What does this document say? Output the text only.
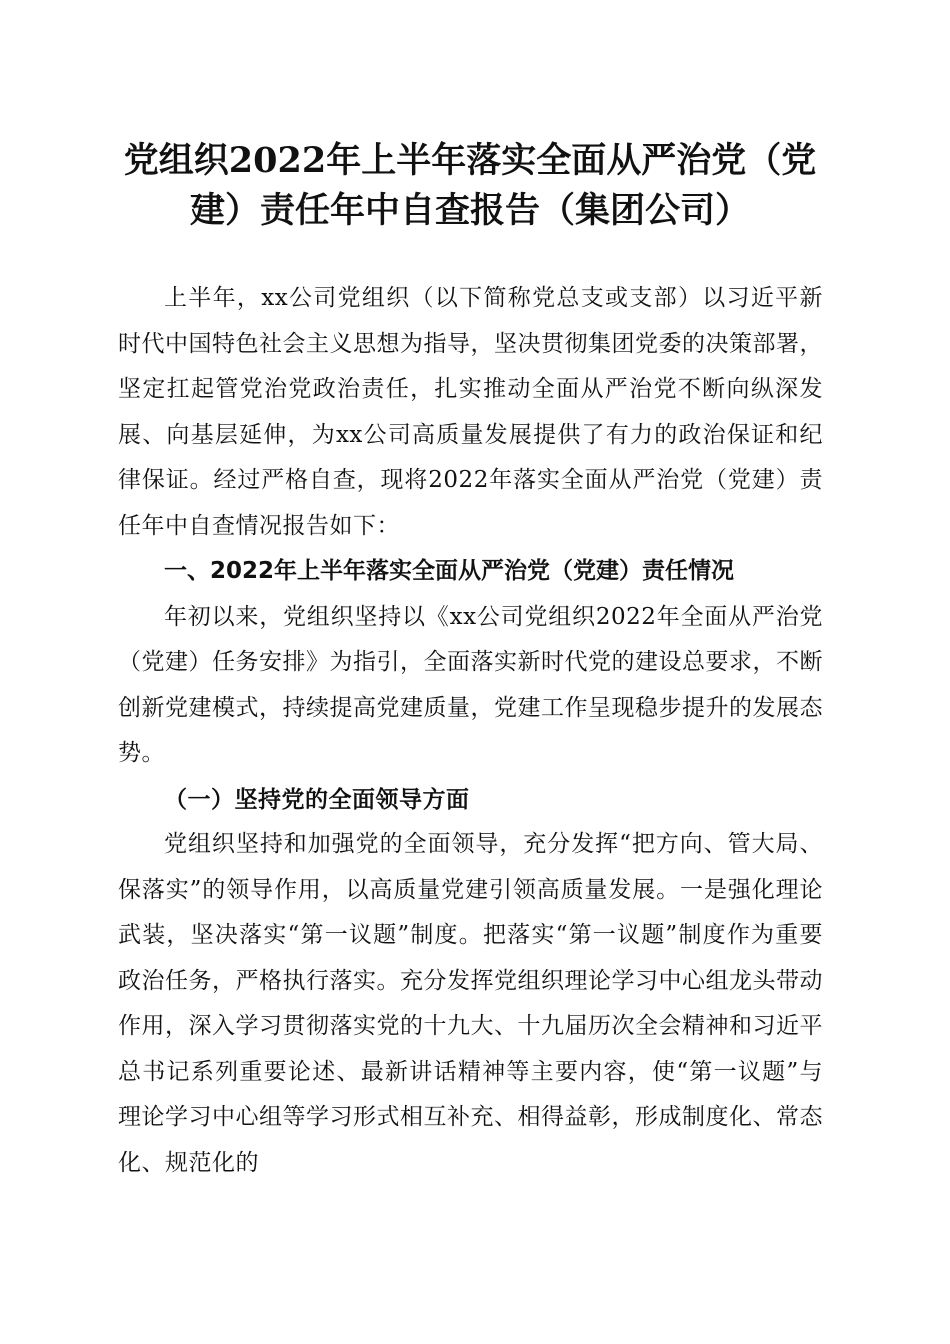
党组织2022年上半年落实全面从严治党（党建）责任年中自查报告（集团公司）

上半年，xx公司党组织（以下简称党总支或支部）以习近平新时代中国特色社会主义思想为指导，坚决贯彻集团党委的决策部署，坚定扛起管党治党政治责任，扎实推动全面从严治党不断向纵深发展、向基层延伸，为xx公司高质量发展提供了有力的政治保证和纪律保证。经过严格自查，现将2022年落实全面从严治党（党建）责任年中自查情况报告如下：

一、2022年上半年落实全面从严治党（党建）责任情况

年初以来，党组织坚持以《xx公司党组织2022年全面从严治党（党建）任务安排》为指引，全面落实新时代党的建设总要求，不断创新党建模式，持续提高党建质量，党建工作呈现稳步提升的发展态势。

（一）坚持党的全面领导方面

党组织坚持和加强党的全面领导，充分发挥“把方向、管大局、保落实”的领导作用，以高质量党建引领高质量发展。一是强化理论武装，坚决落实“第一议题”制度。把落实“第一议题”制度作为重要政治任务，严格执行落实。充分发挥党组织理论学习中心组龙头带动作用，深入学习贯彻落实党的十九大、十九届历次全会精神和习近平总书记系列重要论述、最新讲话精神等主要内容，使“第一议题”与理论学习中心组等学习形式相互补充、相得益彰，形成制度化、常态化、规范化的
